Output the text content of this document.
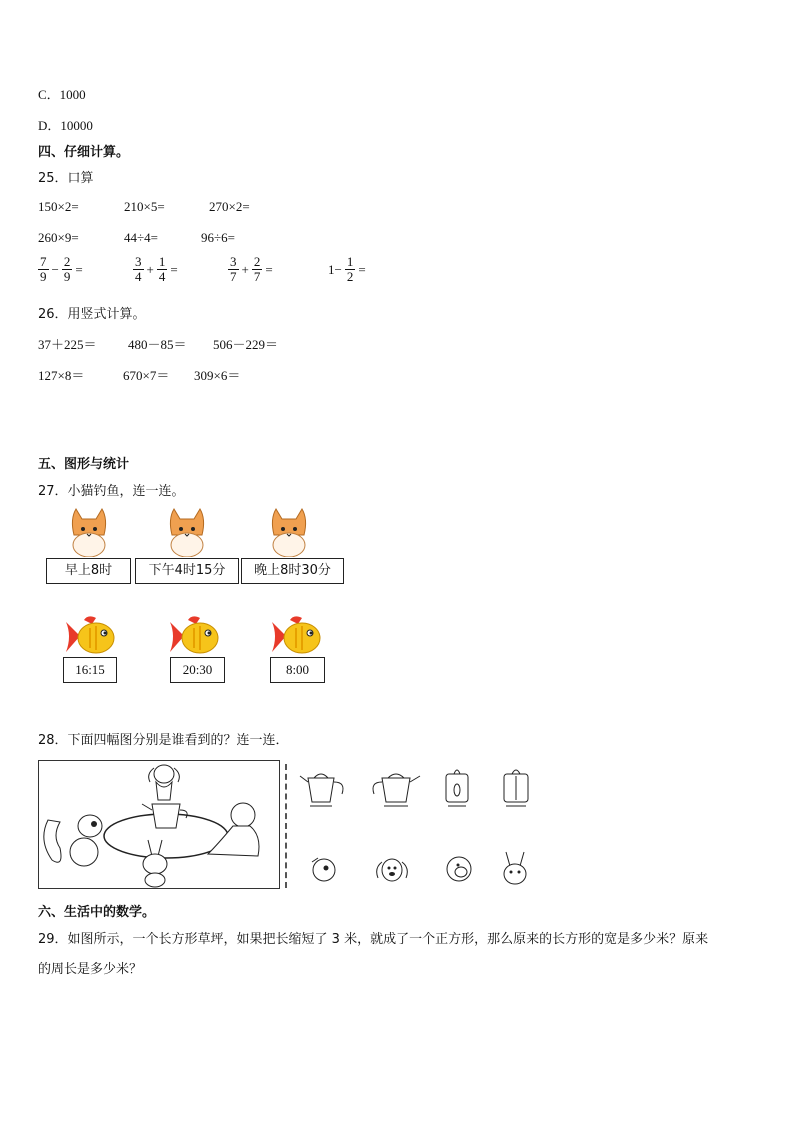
C．1000
D．10000
四、仔细计算。
25．口算
150×2=	210×5=	270×2=
260×9=	44÷4=	96÷6=
$\frac{7}{9} - \frac{2}{9}$ =	$\frac{3}{4} + \frac{1}{4}$ =	$\frac{3}{7} + \frac{2}{7}$ =	$1- \frac{1}{2}$ =
26．用竖式计算。
37＋225＝ 480－85＝ 506－229＝
127×8＝	670×7＝ 309×6＝
五、图形与统计
27．小猫钓鱼，连一连。
早上8时	下午4时15分	晚上8时30分
16:15	20:30	8:00
28．下面四幅图分别是谁看到的？连一连．
六、生活中的数学。
29．如图所示，一个长方形草坪，如果把长缩短了 3 米，就成了一个正方形，那么原来的长方形的宽是多少米？原来
的周长是多少米？
